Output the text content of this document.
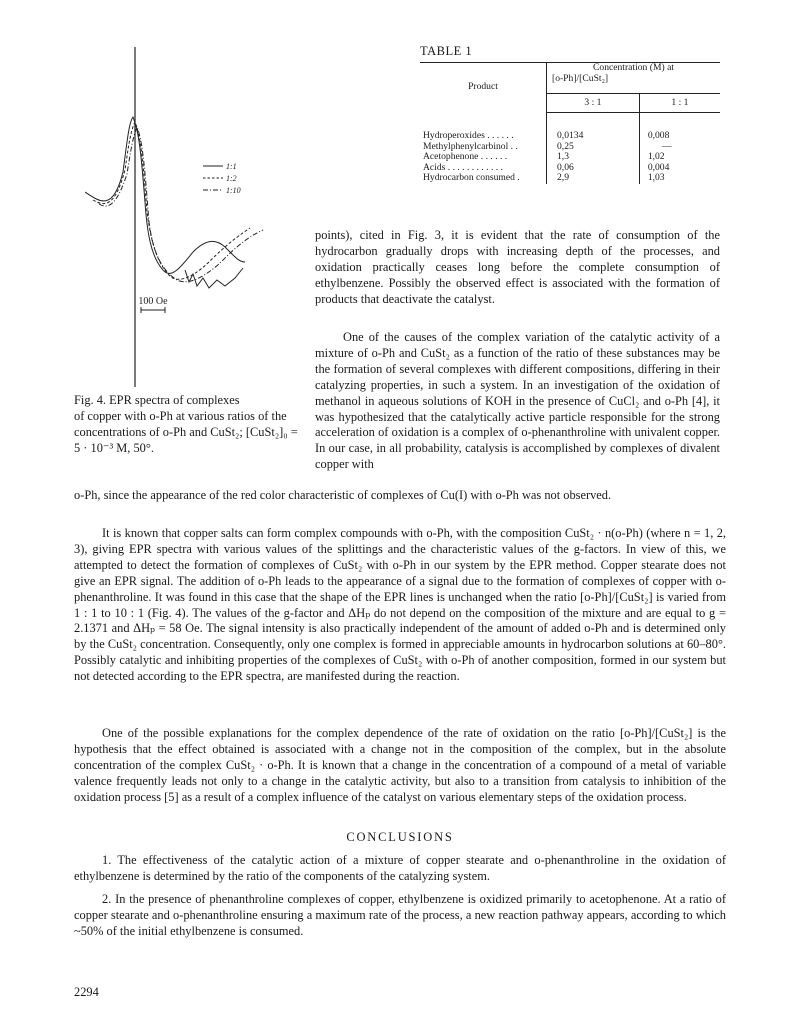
TABLE 1
Product	Concentration (M) at
[o-Ph]/[CuSt₂]	

	3 : 1	1 : 1

Hydroperoxides . . . . . .	0,0134	0,008
Methylphenylcarbinol . .	0,25	—
Acetophenone . . . . . .	1,3	1,02
Acids . . . . . . . . . . . .	0,06	0,004
Hydrocarbon consumed .	2,9	1,03
1:1
1:2
1:10
100 Oe

Fig. 4. EPR spectra of complexes
of copper with o-Ph at various ratios of the concentrations of o-Ph and CuSt₂; [CuSt₂]₀ = 5 · 10⁻³ M, 50°.

points), cited in Fig. 3, it is evident that the rate of consumption of the hydrocarbon gradually drops with increasing depth of the processes, and oxidation practically ceases long before the complete consumption of ethylbenzene. Possibly the observed effect is associated with the formation of products that deactivate the catalyst.

One of the causes of the complex variation of the catalytic activity of a mixture of o-Ph and CuSt₂ as a function of the ratio of these substances may be the formation of several complexes with different compositions, differing in their catalyzing properties, in such a system. In an investigation of the oxidation of methanol in aqueous solutions of KOH in the presence of CuCl₂ and o-Ph [4], it was hypothesized that the catalytically active particle responsible for the strong acceleration of oxidation is a complex of o-phenanthroline with univalent copper. In our case, in all probability, catalysis is accomplished by complexes of divalent copper with

o-Ph, since the appearance of the red color characteristic of complexes of Cu(I) with o-Ph was not observed.

It is known that copper salts can form complex compounds with o-Ph, with the composition CuSt₂ · n(o-Ph) (where n = 1, 2, 3), giving EPR spectra with various values of the splittings and the characteristic values of the g-factors. In view of this, we attempted to detect the formation of complexes of CuSt₂ with o-Ph in our system by the EPR method. Copper stearate does not give an EPR signal. The addition of o-Ph leads to the appearance of a signal due to the formation of complexes of copper with o-phenanthroline. It was found in this case that the shape of the EPR lines is unchanged when the ratio [o-Ph]/[CuSt₂] is varied from 1 : 1 to 10 : 1 (Fig. 4). The values of the g-factor and ΔHₚ do not depend on the composition of the mixture and are equal to g = 2.1371 and ΔHₚ = 58 Oe. The signal intensity is also practically independent of the amount of added o-Ph and is determined only by the CuSt₂ concentration. Consequently, only one complex is formed in appreciable amounts in hydrocarbon solutions at 60–80°. Possibly catalytic and inhibiting properties of the complexes of CuSt₂ with o-Ph of another composition, formed in our system but not detected according to the EPR spectra, are manifested during the reaction.

One of the possible explanations for the complex dependence of the rate of oxidation on the ratio [o-Ph]/[CuSt₂] is the hypothesis that the effect obtained is associated with a change not in the composition of the complex, but in the absolute concentration of the complex CuSt₂ · o-Ph. It is known that a change in the concentration of a compound of a metal of variable valence frequently leads not only to a change in the catalytic activity, but also to a transition from catalysis to inhibition of the oxidation process [5] as a result of a complex influence of the catalyst on various elementary steps of the oxidation process.

CONCLUSIONS

1. The effectiveness of the catalytic action of a mixture of copper stearate and o-phenanthroline in the oxidation of ethylbenzene is determined by the ratio of the components of the catalyzing system.

2. In the presence of phenanthroline complexes of copper, ethylbenzene is oxidized primarily to acetophenone. At a ratio of copper stearate and o-phenanthroline ensuring a maximum rate of the process, a new reaction pathway appears, according to which ~50% of the initial ethylbenzene is consumed.

2294
